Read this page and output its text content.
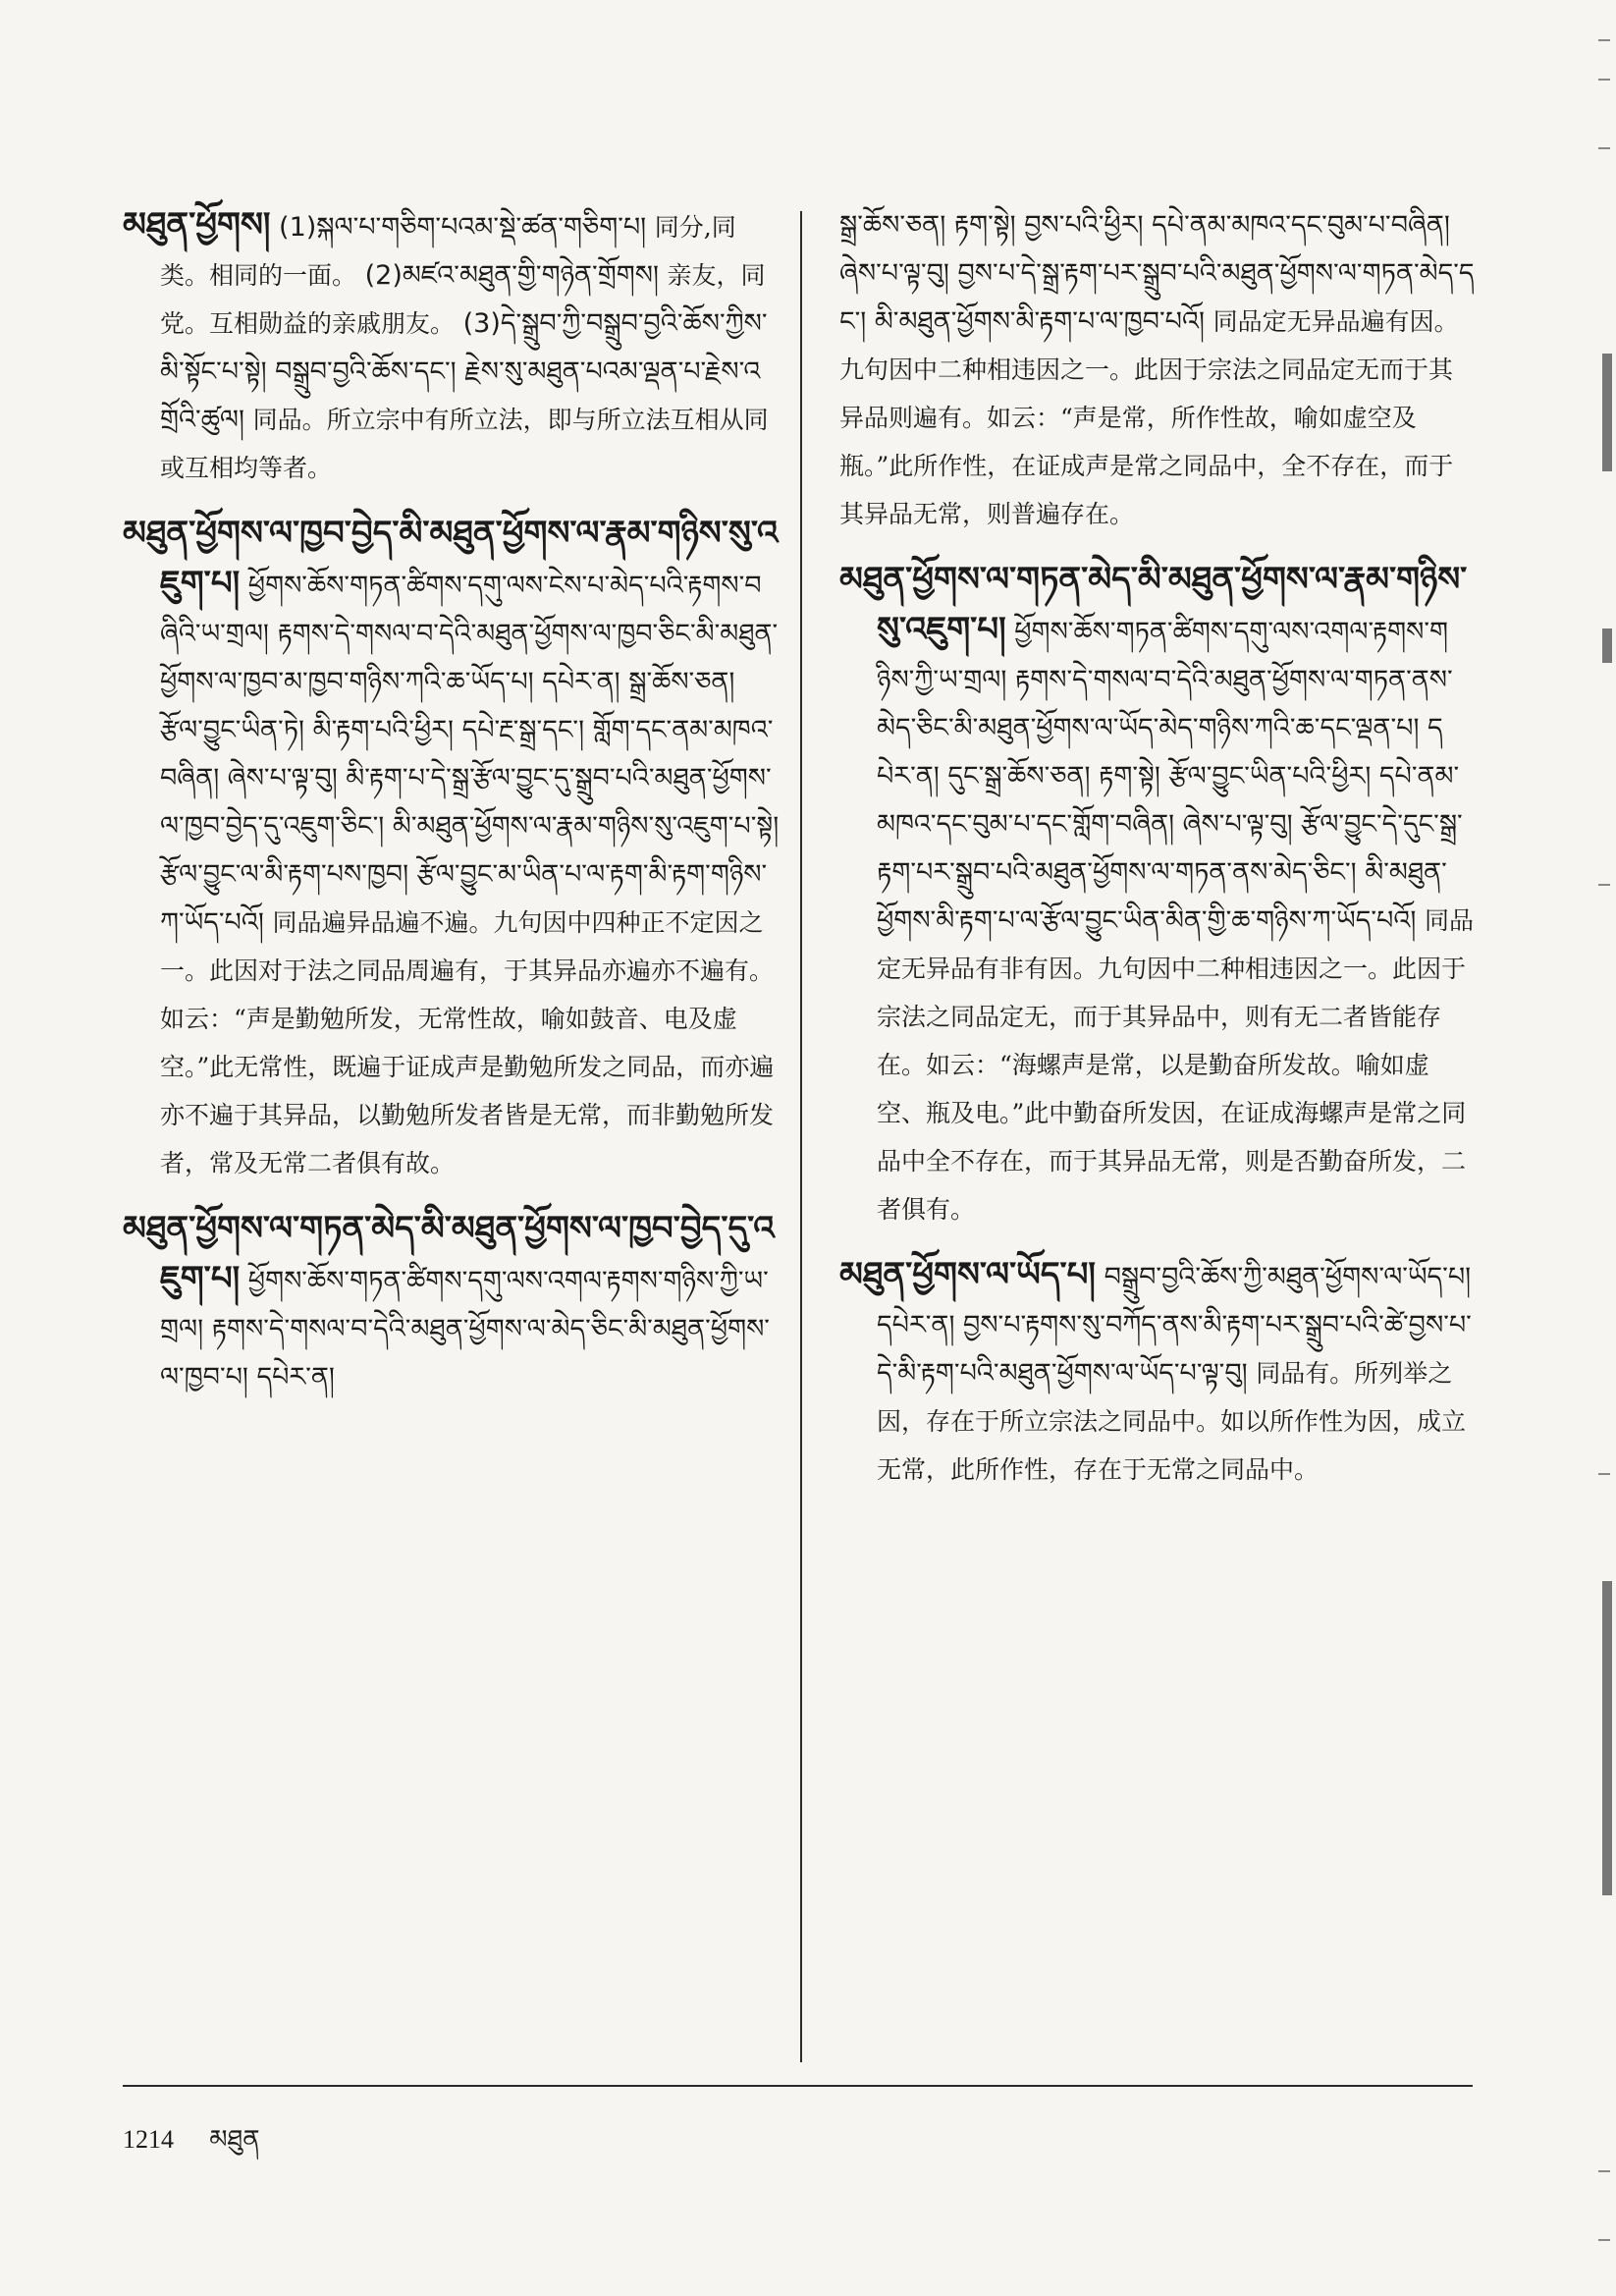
མཐུན་ཕྱོགས། (1)སྐལ་པ་གཅིག་པའམ་སྡེ་ཚན་གཅིག་པ། 同分,同类。相同的一面。 (2)མཛའ་མཐུན་གྱི་གཉེན་གྲོགས། 亲友，同党。互相勋益的亲戚朋友。 (3)དེ་སྒྲུབ་ཀྱི་བསྒྲུབ་བྱའི་ཆོས་ཀྱིས་མི་སྟོང་པ་སྟེ། བསྒྲུབ་བྱའི་ཆོས་དང་། རྗེས་སུ་མཐུན་པའམ་ལྡན་པ་རྗེས་འགྲོའི་ཚུལ། 同品。所立宗中有所立法，即与所立法互相从同或互相均等者。

མཐུན་ཕྱོགས་ལ་ཁྱབ་བྱེད་མི་མཐུན་ཕྱོགས་ལ་རྣམ་གཉིས་སུ་འཇུག་པ། ཕྱོགས་ཆོས་གཏན་ཚིགས་དགུ་ལས་ངེས་པ་མེད་པའི་རྟགས་བཞིའི་ཡ་གྲལ། རྟགས་དེ་གསལ་བ་དེའི་མཐུན་ཕྱོགས་ལ་ཁྱབ་ཅིང་མི་མཐུན་ཕྱོགས་ལ་ཁྱབ་མ་ཁྱབ་གཉིས་ཀའི་ཆ་ཡོད་པ། དཔེར་ན། སྒྲ་ཆོས་ཅན། རྩོལ་བྱུང་ཡིན་ཏེ། མི་རྟག་པའི་ཕྱིར། དཔེ་རྔ་སྒྲ་དང་། གློག་དང་ནམ་མཁའ་བཞིན། ཞེས་པ་ལྟ་བུ། མི་རྟག་པ་དེ་སྒྲ་རྩོལ་བྱུང་དུ་སྒྲུབ་པའི་མཐུན་ཕྱོགས་ལ་ཁྱབ་བྱེད་དུ་འཇུག་ཅིང་། མི་མཐུན་ཕྱོགས་ལ་རྣམ་གཉིས་སུ་འཇུག་པ་སྟེ། རྩོལ་བྱུང་ལ་མི་རྟག་པས་ཁྱབ། རྩོལ་བྱུང་མ་ཡིན་པ་ལ་རྟག་མི་རྟག་གཉིས་ཀ་ཡོད་པའོ། 同品遍异品遍不遍。九句因中四种正不定因之一。此因对于法之同品周遍有，于其异品亦遍亦不遍有。如云：“声是勤勉所发，无常性故，喻如鼓音、电及虚空。”此无常性，既遍于证成声是勤勉所发之同品，而亦遍亦不遍于其异品，以勤勉所发者皆是无常，而非勤勉所发者，常及无常二者俱有故。

མཐུན་ཕྱོགས་ལ་གཏན་མེད་མི་མཐུན་ཕྱོགས་ལ་ཁྱབ་བྱེད་དུ་འཇུག་པ། ཕྱོགས་ཆོས་གཏན་ཚིགས་དགུ་ལས་འགལ་རྟགས་གཉིས་ཀྱི་ཡ་གྲལ། རྟགས་དེ་གསལ་བ་དེའི་མཐུན་ཕྱོགས་ལ་མེད་ཅིང་མི་མཐུན་ཕྱོགས་ལ་ཁྱབ་པ། དཔེར་ན།

སྒྲ་ཆོས་ཅན། རྟག་སྟེ། བྱས་པའི་ཕྱིར། དཔེ་ནམ་མཁའ་དང་བུམ་པ་བཞིན། ཞེས་པ་ལྟ་བུ། བྱས་པ་དེ་སྒྲ་རྟག་པར་སྒྲུབ་པའི་མཐུན་ཕྱོགས་ལ་གཏན་མེད་དང་། མི་མཐུན་ཕྱོགས་མི་རྟག་པ་ལ་ཁྱབ་པའོ། 同品定无异品遍有因。九句因中二种相违因之一。此因于宗法之同品定无而于其异品则遍有。如云：“声是常，所作性故，喻如虚空及瓶。”此所作性，在证成声是常之同品中，全不存在，而于其异品无常，则普遍存在。

མཐུན་ཕྱོགས་ལ་གཏན་མེད་མི་མཐུན་ཕྱོགས་ལ་རྣམ་གཉིས་སུ་འཇུག་པ། ཕྱོགས་ཆོས་གཏན་ཚིགས་དགུ་ལས་འགལ་རྟགས་གཉིས་ཀྱི་ཡ་གྲལ། རྟགས་དེ་གསལ་བ་དེའི་མཐུན་ཕྱོགས་ལ་གཏན་ནས་མེད་ཅིང་མི་མཐུན་ཕྱོགས་ལ་ཡོད་མེད་གཉིས་ཀའི་ཆ་དང་ལྡན་པ། དཔེར་ན། དུང་སྒྲ་ཆོས་ཅན། རྟག་སྟེ། རྩོལ་བྱུང་ཡིན་པའི་ཕྱིར། དཔེ་ནམ་མཁའ་དང་བུམ་པ་དང་གློག་བཞིན། ཞེས་པ་ལྟ་བུ། རྩོལ་བྱུང་དེ་དུང་སྒྲ་རྟག་པར་སྒྲུབ་པའི་མཐུན་ཕྱོགས་ལ་གཏན་ནས་མེད་ཅིང་། མི་མཐུན་ཕྱོགས་མི་རྟག་པ་ལ་རྩོལ་བྱུང་ཡིན་མིན་གྱི་ཆ་གཉིས་ཀ་ཡོད་པའོ། 同品定无异品有非有因。九句因中二种相违因之一。此因于宗法之同品定无，而于其异品中，则有无二者皆能存在。如云：“海螺声是常，以是勤奋所发故。喻如虚空、瓶及电。”此中勤奋所发因，在证成海螺声是常之同品中全不存在，而于其异品无常，则是否勤奋所发，二者俱有。

མཐུན་ཕྱོགས་ལ་ཡོད་པ། བསྒྲུབ་བྱའི་ཆོས་ཀྱི་མཐུན་ཕྱོགས་ལ་ཡོད་པ། དཔེར་ན། བྱས་པ་རྟགས་སུ་བཀོད་ནས་མི་རྟག་པར་སྒྲུབ་པའི་ཚེ་བྱས་པ་དེ་མི་རྟག་པའི་མཐུན་ཕྱོགས་ལ་ཡོད་པ་ལྟ་བུ། 同品有。所列举之因，存在于所立宗法之同品中。如以所作性为因，成立无常，此所作性，存在于无常之同品中。

1214 མཐུན
